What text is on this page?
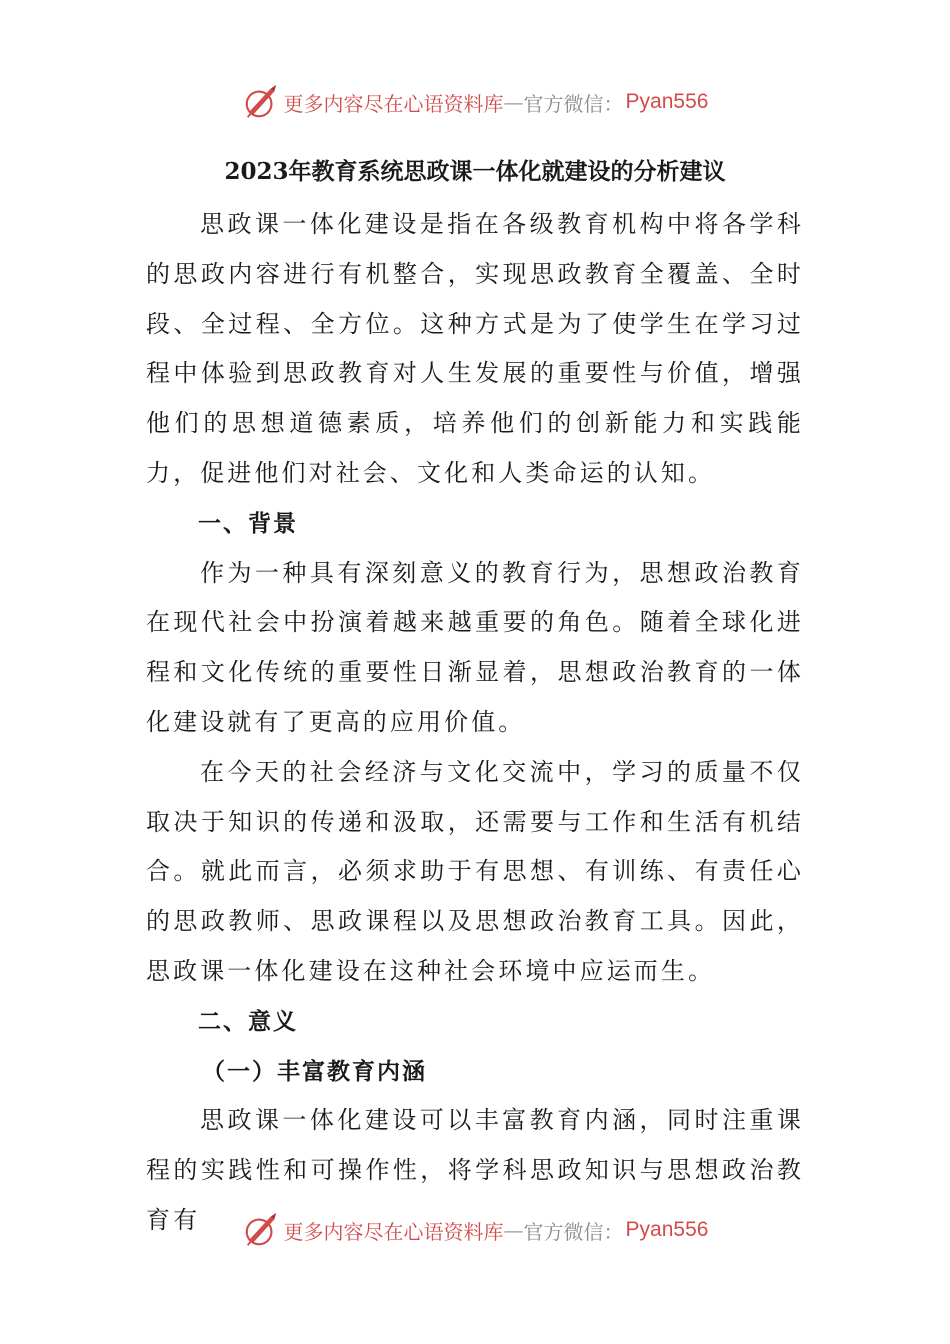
更多内容尽在心语资料库 — 官方微信： Pyan556
2023年教育系统思政课一体化就建设的分析建议

思政课一体化建设是指在各级教育机构中将各学科的思政内容进行有机整合，实现思政教育全覆盖、全时段、全过程、全方位。这种方式是为了使学生在学习过程中体验到思政教育对人生发展的重要性与价值，增强他们的思想道德素质，培养他们的创新能力和实践能力，促进他们对社会、文化和人类命运的认知。

一、背景

作为一种具有深刻意义的教育行为，思想政治教育在现代社会中扮演着越来越重要的角色。随着全球化进程和文化传统的重要性日渐显着，思想政治教育的一体化建设就有了更高的应用价值。

在今天的社会经济与文化交流中，学习的质量不仅取决于知识的传递和汲取，还需要与工作和生活有机结合。就此而言，必须求助于有思想、有训练、有责任心的思政教师、思政课程以及思想政治教育工具。因此，思政课一体化建设在这种社会环境中应运而生。

二、意义
（一）丰富教育内涵

思政课一体化建设可以丰富教育内涵，同时注重课程的实践性和可操作性，将学科思政知识与思想政治教育有	更多内容尽在心语资料库 — 官方微信： Pyan556
